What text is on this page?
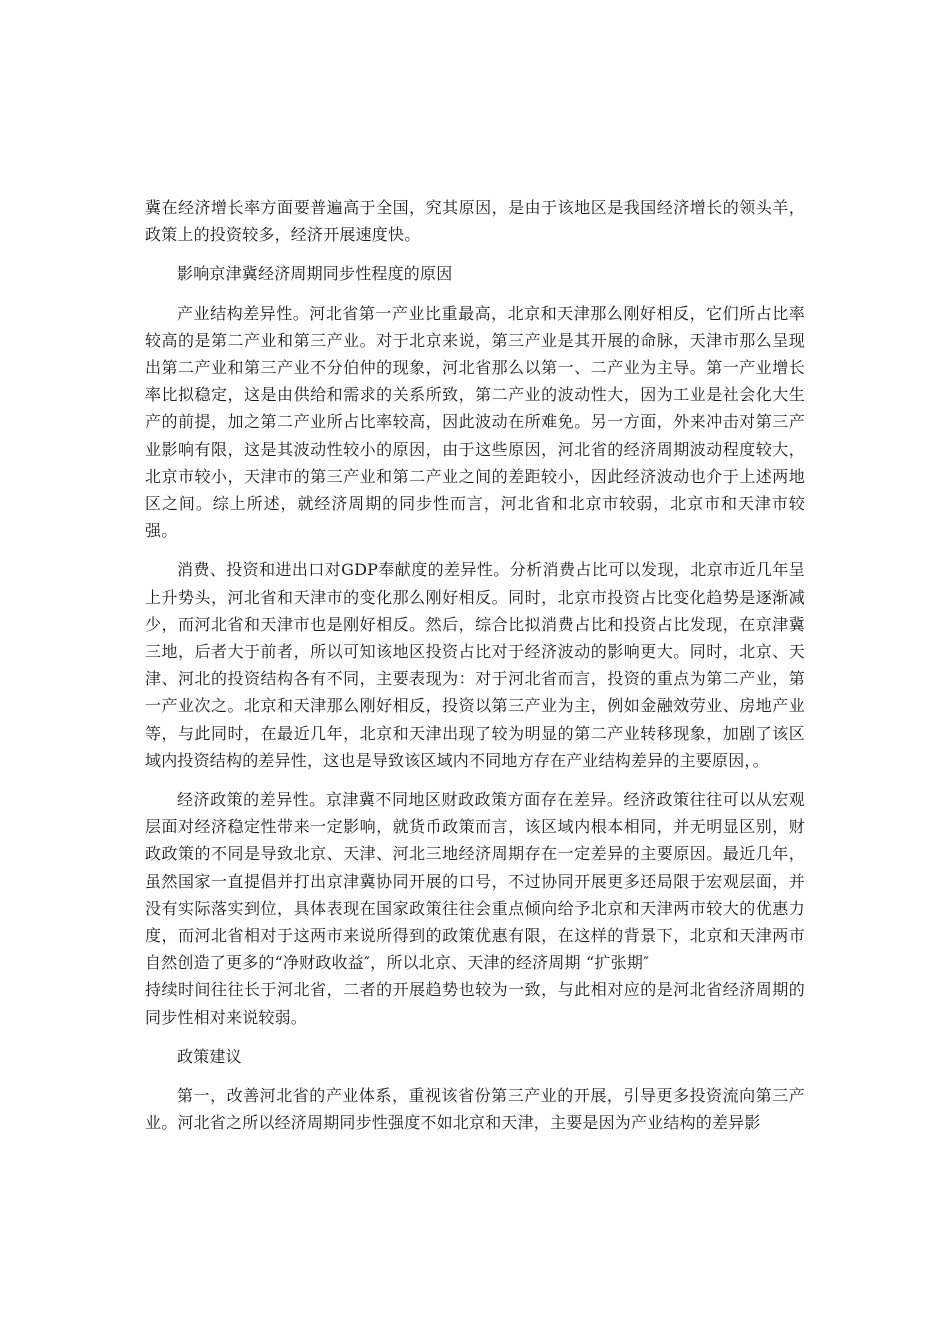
冀在经济增长率方面要普遍高于全国，究其原因，是由于该地区是我国经济增长的领头羊，政策上的投资较多，经济开展速度快。

影响京津冀经济周期同步性程度的原因

产业结构差异性。河北省第一产业比重最高，北京和天津那么刚好相反，它们所占比率较高的是第二产业和第三产业。对于北京来说，第三产业是其开展的命脉，天津市那么呈现出第二产业和第三产业不分伯仲的现象，河北省那么以第一、二产业为主导。第一产业增长率比拟稳定，这是由供给和需求的关系所致，第二产业的波动性大，因为工业是社会化大生产的前提，加之第二产业所占比率较高，因此波动在所难免。另一方面，外来冲击对第三产业影响有限，这是其波动性较小的原因，由于这些原因，河北省的经济周期波动程度较大，北京市较小，天津市的第三产业和第二产业之间的差距较小，因此经济波动也介于上述两地区之间。综上所述，就经济周期的同步性而言，河北省和北京市较弱，北京市和天津市较强。

消费、投资和进出口对GDP奉献度的差异性。分析消费占比可以发现，北京市近几年呈上升势头，河北省和天津市的变化那么刚好相反。同时，北京市投资占比变化趋势是逐渐减少，而河北省和天津市也是刚好相反。然后，综合比拟消费占比和投资占比发现，在京津冀三地，后者大于前者，所以可知该地区投资占比对于经济波动的影响更大。同时，北京、天津、河北的投资结构各有不同，主要表现为：对于河北省而言，投资的重点为第二产业，第一产业次之。北京和天津那么刚好相反，投资以第三产业为主，例如金融效劳业、房地产业等，与此同时，在最近几年，北京和天津出现了较为明显的第二产业转移现象，加剧了该区域内投资结构的差异性，这也是导致该区域内不同地方存在产业结构差异的主要原因，。

经济政策的差异性。京津冀不同地区财政政策方面存在差异。经济政策往往可以从宏观层面对经济稳定性带来一定影响，就货币政策而言，该区域内根本相同，并无明显区别，财政政策的不同是导致北京、天津、河北三地经济周期存在一定差异的主要原因。最近几年，虽然国家一直提倡并打出京津冀协同开展的口号，不过协同开展更多还局限于宏观层面，并没有实际落实到位，具体表现在国家政策往往会重点倾向给予北京和天津两市较大的优惠力度，而河北省相对于这两市来说所得到的政策优惠有限，在这样的背景下，北京和天津两市自然创造了更多的“净财政收益″，所以北京、天津的经济周期 “扩张期″

持续时间往往长于河北省，二者的开展趋势也较为一致，与此相对应的是河北省经济周期的同步性相对来说较弱。

政策建议

第一，改善河北省的产业体系，重视该省份第三产业的开展，引导更多投资流向第三产业。河北省之所以经济周期同步性强度不如北京和天津，主要是因为产业结构的差异影
